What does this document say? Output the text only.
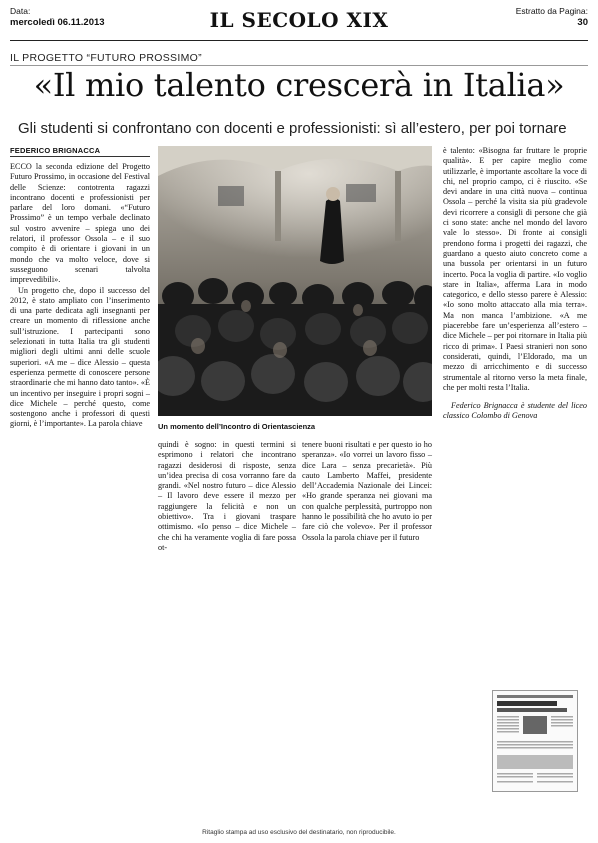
Data:
mercoledì 06.11.2013	IL SECOLO XIX	Estratto da Pagina:
30
IL PROGETTO “FUTURO PROSSIMO”
«Il mio talento crescerà in Italia»
Gli studenti si confrontano con docenti e professionisti: sì all’estero, per poi tornare
FEDERICO BRIGNACCA

ECCO la seconda edizione del Progetto Futuro Prossimo, in occasione del Festival delle Scienze: contotrenta ragazzi incontrano docenti e professionisti per parlare del loro domani. «“Futuro Prossimo” è un tempo verbale declinato sul vostro avvenire – spiega uno dei relatori, il professor Ossola – e il suo compito è di orientare i giovani in un mondo che va molto veloce, dove si susseguono scenari talvolta imprevedibili».

Un progetto che, dopo il successo del 2012, è stato ampliato con l’inserimento di una parte dedicata agli insegnanti per creare un momento di riflessione anche sull’istruzione. I partecipanti sono selezionati in tutta Italia tra gli studenti migliori degli ultimi anni delle scuole superiori. «A me – dice Alessio – questa esperienza permette di conoscere persone straordinarie che mi hanno dato tanto». «È un incentivo per inseguire i propri sogni – dice Michele – perché questo, come sostengono anche i professori di questi giorni, è l’importante». La parola chiave	Un momento dell’Incontro di Orientascienza

quindi è sogno: in questi termini si esprimono i relatori che incontrano ragazzi desiderosi di risposte, senza un’idea precisa di cosa vorranno fare da grandi. «Nel nostro futuro – dice Alessio – Il lavoro deve essere il mezzo per raggiungere la felicità e non un obiettivo». Tra i giovani traspare ottimismo. «Io penso – dice Michele – che chi ha veramente voglia di fare possa ot-

tenere buoni risultati e per questo io ho speranza». «Io vorrei un lavoro fisso – dice Lara – senza precarietà». Più cauto Lamberto Maffei, presidente dell’Accademia Nazionale dei Lincei: «Ho grande speranza nei giovani ma con qualche perplessità, purtroppo non hanno le possibilità che ho avuto io per fare ciò che volevo». Per il professor Ossola la parola chiave per il futuro

è talento: «Bisogna far fruttare le proprie qualità». E per capire meglio come utilizzarle, è importante ascoltare la voce di chi, nel proprio campo, ci è riuscito. «Se devi andare in una città nuova – continua Ossola – perché la visita sia più gradevole devi ricorrere a consigli di persone che già ci sono state: anche nel mondo del lavoro vale lo stesso». Di fronte ai consigli prendono forma i progetti dei ragazzi, che guardano a questo aiuto concreto come a una bussola per orientarsi in un futuro incerto. Poca la voglia di partire. «Io voglio stare in Italia», afferma Lara in modo categorico, e dello stesso parere è Alessio: «Io sono molto attaccato alla mia terra». Ma non manca l’ambizione. «A me piacerebbe fare un’esperienza all’estero – dice Michele – per poi ritornare in Italia più ricco di prima». I Paesi stranieri non sono considerati, quindi, l’Eldorado, ma un mezzo di arricchimento e di successo strumentale al ritorno verso la meta finale, che per molti resta l’Italia.

Federico Brignacca è studente del liceo classico Colombo di Genova

Ritaglio stampa ad uso esclusivo del destinatario, non riproducibile.
